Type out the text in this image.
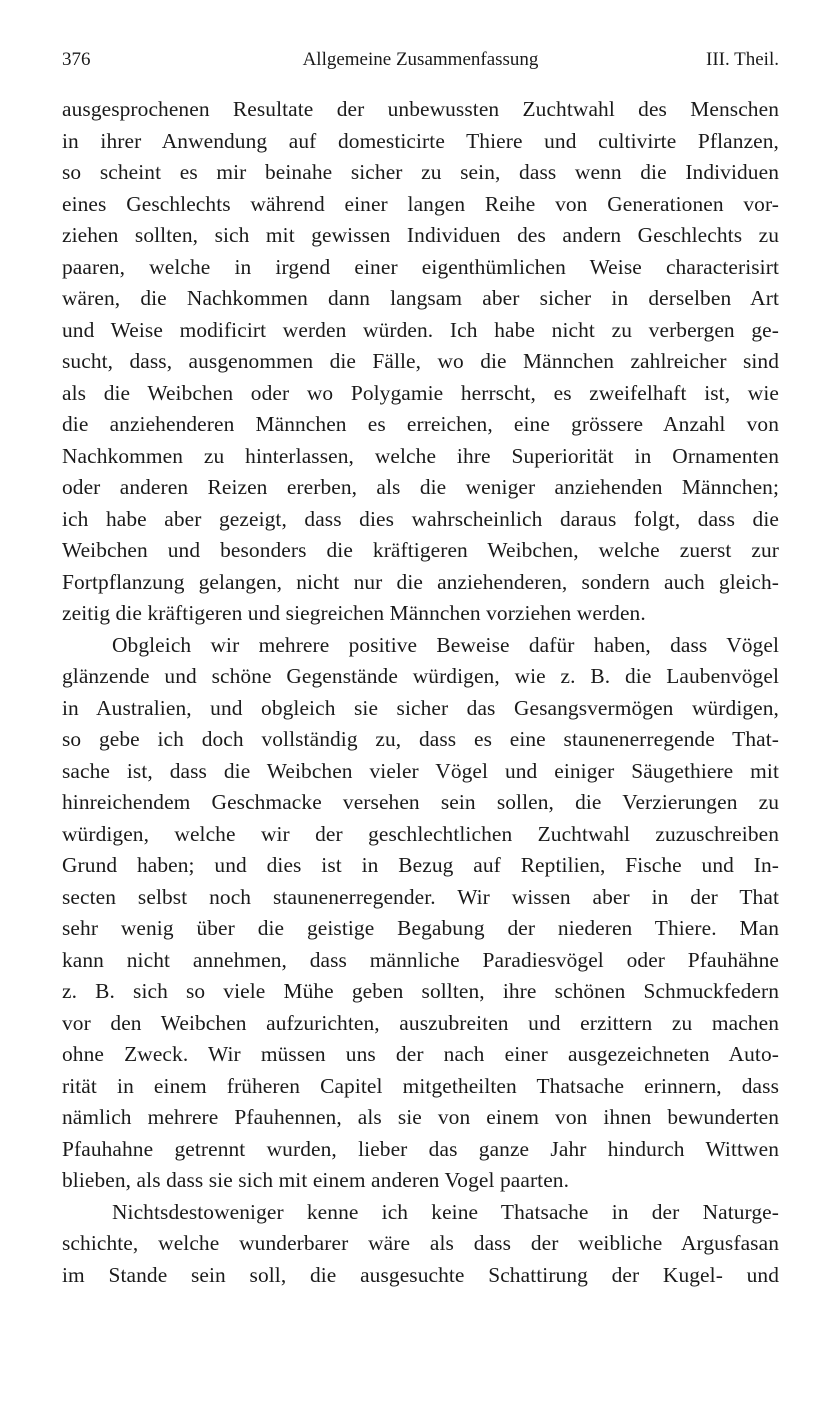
376	Allgemeine Zusammenfassung	III. Theil.
ausgesprochenen Resultate der unbewussten Zuchtwahl des Menschen
in ihrer Anwendung auf domesticirte Thiere und cultivirte Pflanzen,
so scheint es mir beinahe sicher zu sein, dass wenn die Individuen
eines Geschlechts während einer langen Reihe von Generationen vor-
ziehen sollten, sich mit gewissen Individuen des andern Geschlechts zu
paaren, welche in irgend einer eigenthümlichen Weise characterisirt
wären, die Nachkommen dann langsam aber sicher in derselben Art
und Weise modificirt werden würden. Ich habe nicht zu verbergen ge-
sucht, dass, ausgenommen die Fälle, wo die Männchen zahlreicher sind
als die Weibchen oder wo Polygamie herrscht, es zweifelhaft ist, wie
die anziehenderen Männchen es erreichen, eine grössere Anzahl von
Nachkommen zu hinterlassen, welche ihre Superiorität in Ornamenten
oder anderen Reizen ererben, als die weniger anziehenden Männchen;
ich habe aber gezeigt, dass dies wahrscheinlich daraus folgt, dass die
Weibchen und besonders die kräftigeren Weibchen, welche zuerst zur
Fortpflanzung gelangen, nicht nur die anziehenderen, sondern auch gleich-
zeitig die kräftigeren und siegreichen Männchen vorziehen werden.
Obgleich wir mehrere positive Beweise dafür haben, dass Vögel
glänzende und schöne Gegenstände würdigen, wie z. B. die Laubenvögel
in Australien, und obgleich sie sicher das Gesangsvermögen würdigen,
so gebe ich doch vollständig zu, dass es eine staunenerregende That-
sache ist, dass die Weibchen vieler Vögel und einiger Säugethiere mit
hinreichendem Geschmacke versehen sein sollen, die Verzierungen zu
würdigen, welche wir der geschlechtlichen Zuchtwahl zuzuschreiben
Grund haben; und dies ist in Bezug auf Reptilien, Fische und In-
secten selbst noch staunenerregender. Wir wissen aber in der That
sehr wenig über die geistige Begabung der niederen Thiere. Man
kann nicht annehmen, dass männliche Paradiesvögel oder Pfauhähne
z. B. sich so viele Mühe geben sollten, ihre schönen Schmuckfedern
vor den Weibchen aufzurichten, auszubreiten und erzittern zu machen
ohne Zweck. Wir müssen uns der nach einer ausgezeichneten Auto-
rität in einem früheren Capitel mitgetheilten Thatsache erinnern, dass
nämlich mehrere Pfauhennen, als sie von einem von ihnen bewunderten
Pfauhahne getrennt wurden, lieber das ganze Jahr hindurch Wittwen
blieben, als dass sie sich mit einem anderen Vogel paarten.
Nichtsdestoweniger kenne ich keine Thatsache in der Naturge-
schichte, welche wunderbarer wäre als dass der weibliche Argusfasan
im Stande sein soll, die ausgesuchte Schattirung der Kugel- und
